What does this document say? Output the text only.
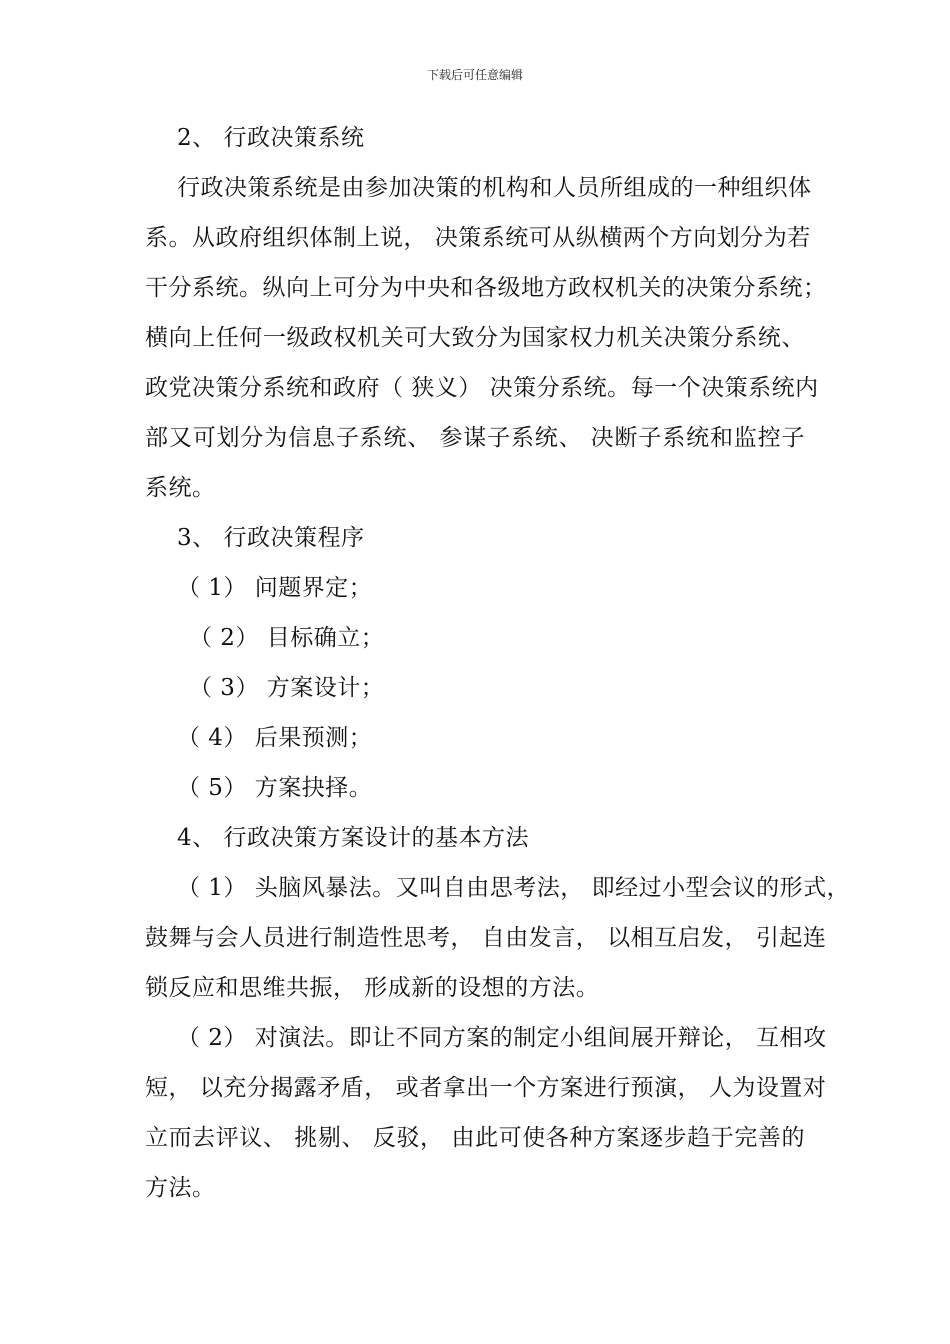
下载后可任意编辑
2、 行政决策系统
行政决策系统是由参加决策的机构和人员所组成的一种组织体
系。从政府组织体制上说， 决策系统可从纵横两个方向划分为若
干分系统。纵向上可分为中央和各级地方政权机关的决策分系统；
横向上任何一级政权机关可大致分为国家权力机关决策分系统、
政党决策分系统和政府（ 狭义） 决策分系统。每一个决策系统内
部又可划分为信息子系统、 参谋子系统、 决断子系统和监控子
系统。
3、 行政决策程序
（ 1） 问题界定；
（ 2） 目标确立；
（ 3） 方案设计；
（ 4） 后果预测；
（ 5） 方案抉择。
4、 行政决策方案设计的基本方法
（ 1） 头脑风暴法。又叫自由思考法， 即经过小型会议的形式，
鼓舞与会人员进行制造性思考， 自由发言， 以相互启发， 引起连
锁反应和思维共振， 形成新的设想的方法。
（ 2） 对演法。即让不同方案的制定小组间展开辩论， 互相攻
短， 以充分揭露矛盾， 或者拿出一个方案进行预演， 人为设置对
立而去评议、 挑剔、 反驳， 由此可使各种方案逐步趋于完善的
方法。
